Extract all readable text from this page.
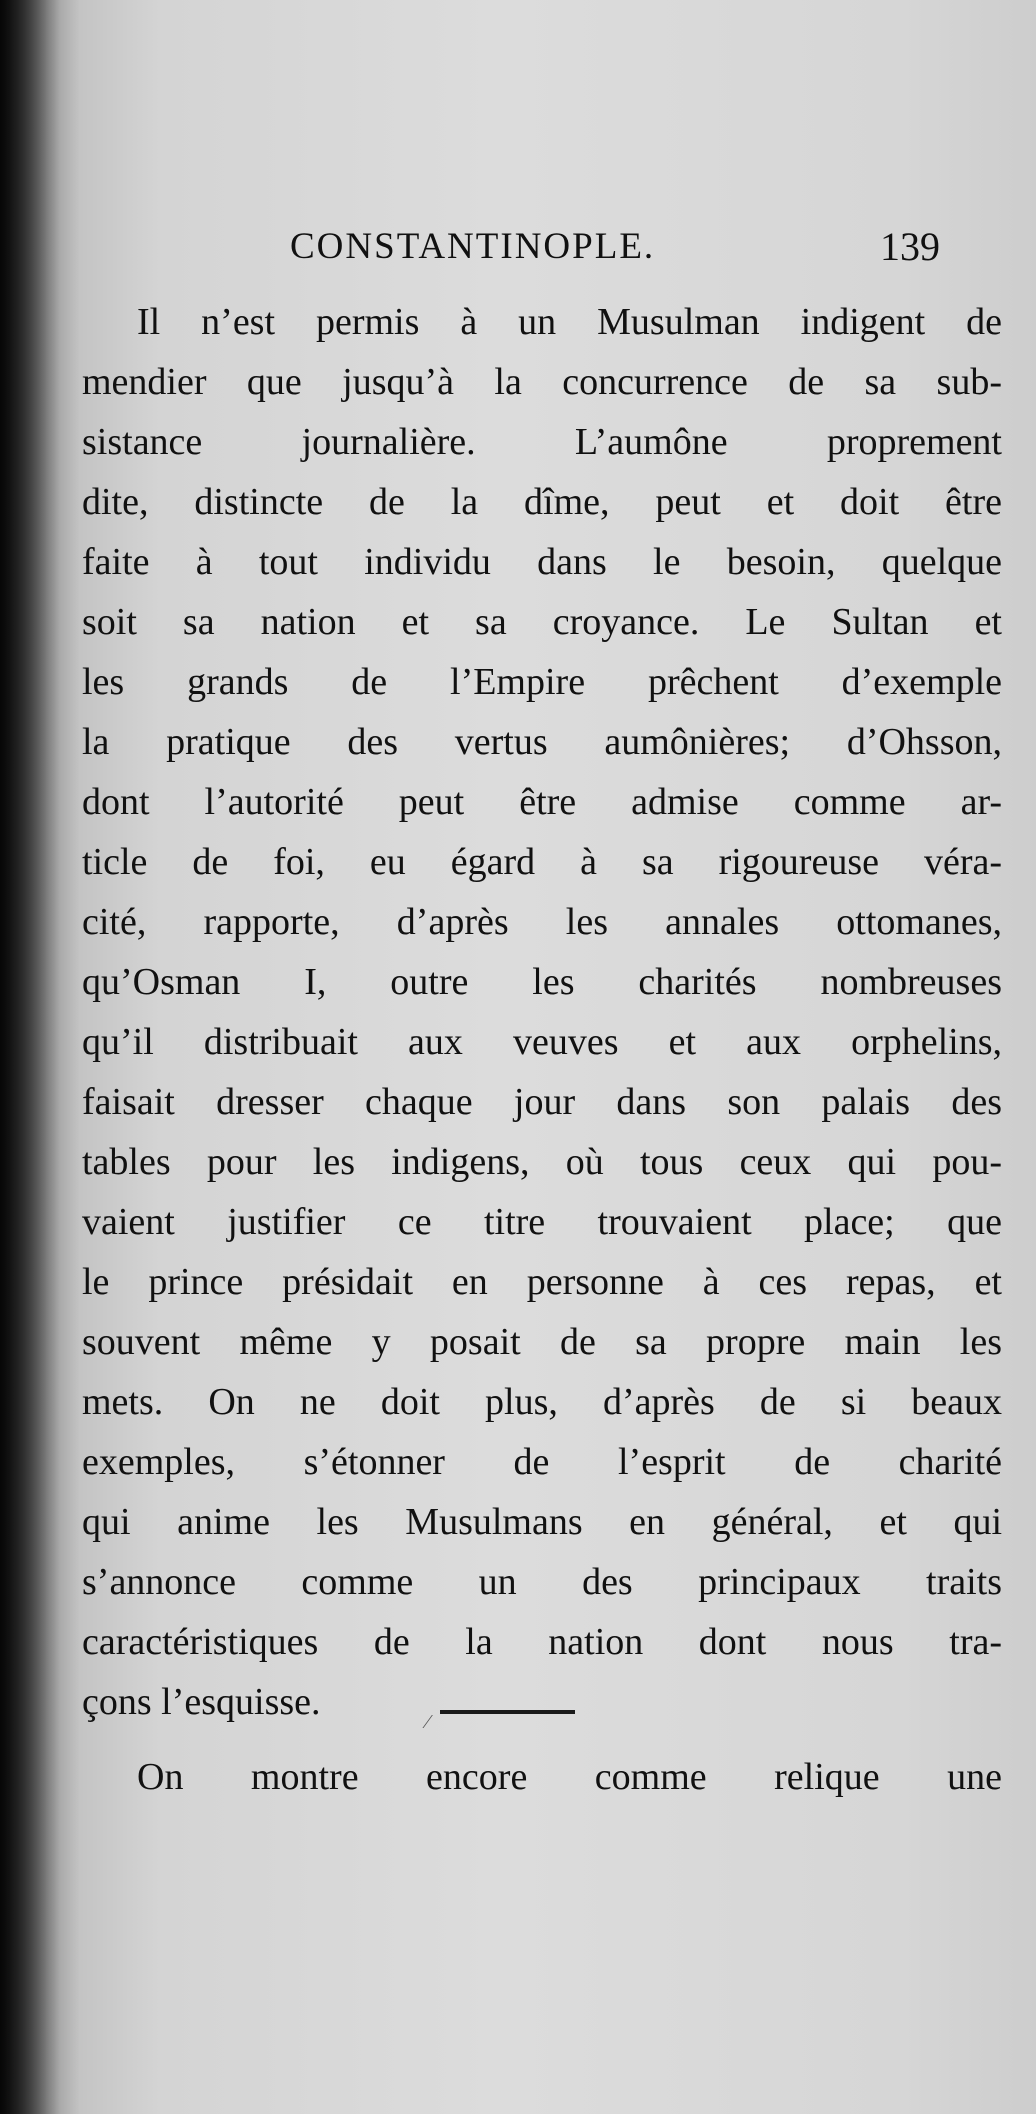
CONSTANTINOPLE.	139
Il n’est permis à un Musulman indigent de
mendier que jusqu’à la concurrence de sa sub-
sistance journalière. L’aumône proprement
dite, distincte de la dîme, peut et doit être
faite à tout individu dans le besoin, quelque
soit sa nation et sa croyance. Le Sultan et
les grands de l’Empire prêchent d’exemple
la pratique des vertus aumônières; d’Ohsson,
dont l’autorité peut être admise comme ar-
ticle de foi, eu égard à sa rigoureuse véra-
cité, rapporte, d’après les annales ottomanes,
qu’Osman I, outre les charités nombreuses
qu’il distribuait aux veuves et aux orphelins,
faisait dresser chaque jour dans son palais des
tables pour les indigens, où tous ceux qui pou-
vaient justifier ce titre trouvaient place; que
le prince présidait en personne à ces repas, et
souvent même y posait de sa propre main les
mets. On ne doit plus, d’après de si beaux
exemples, s’étonner de l’esprit de charité
qui anime les Musulmans en général, et qui
s’annonce comme un des principaux traits
caractéristiques de la nation dont nous tra-
çons l’esquisse.	⁄
On montre encore comme relique une
